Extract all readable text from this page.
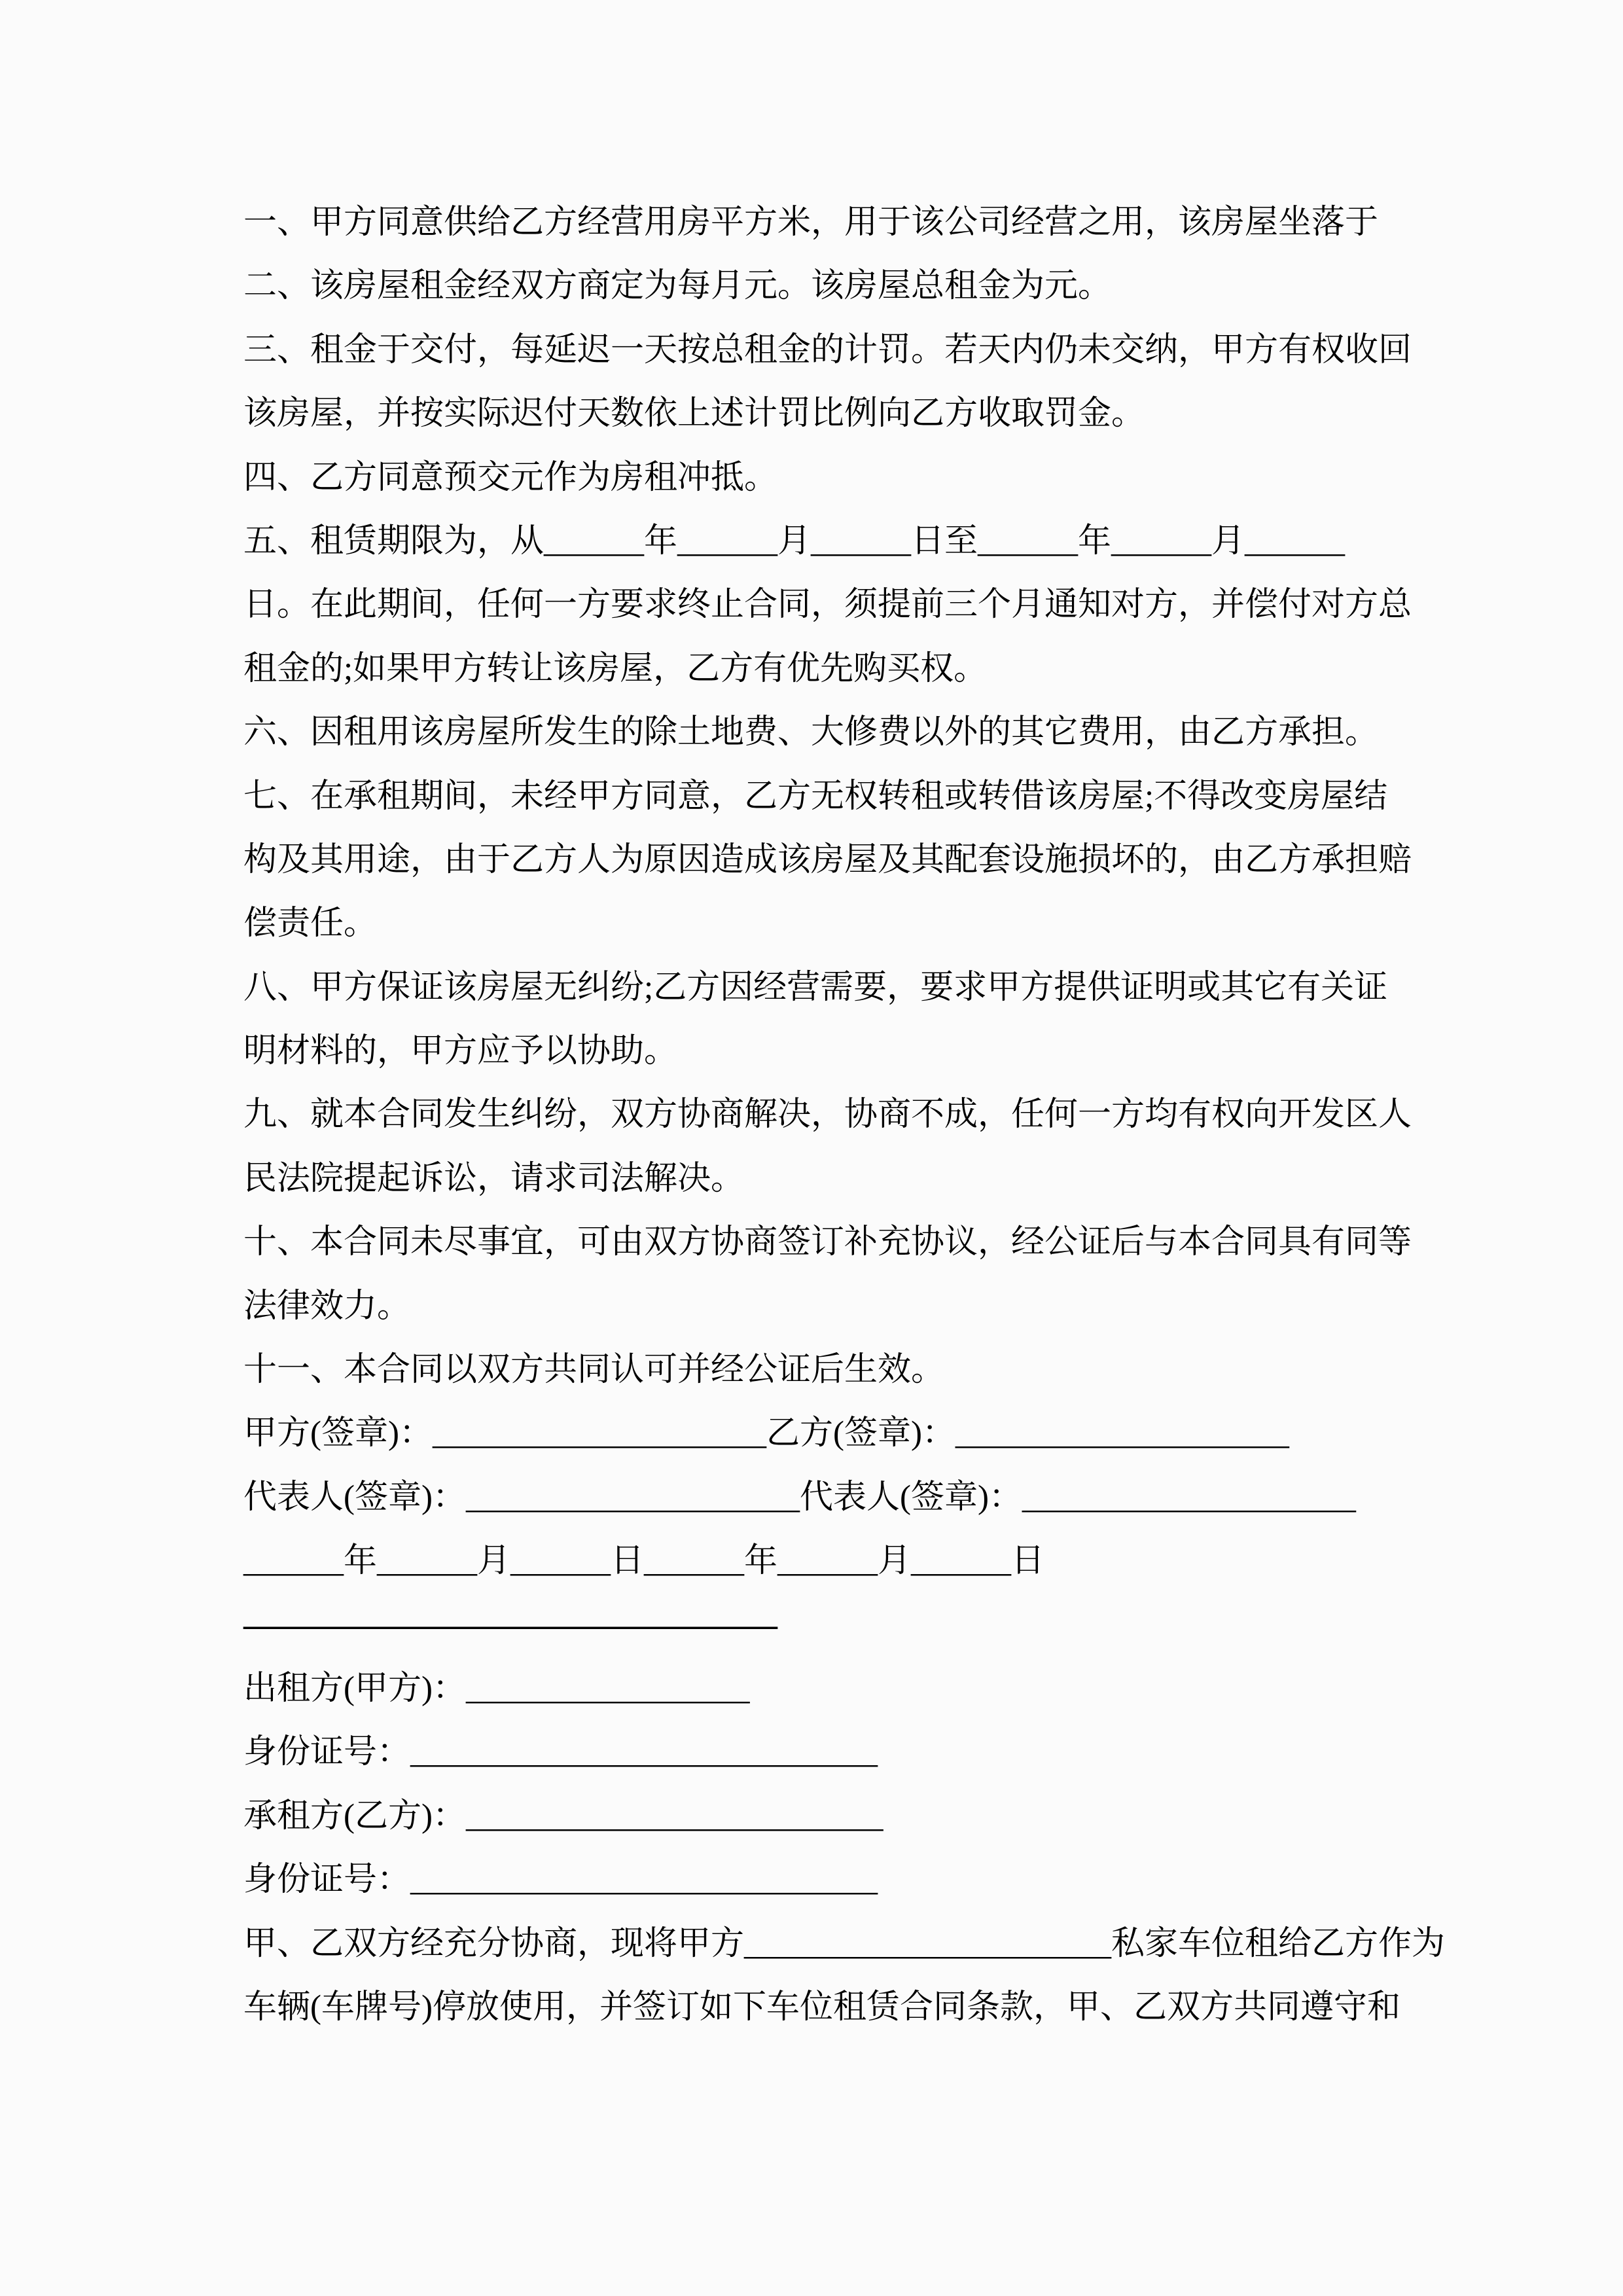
一、甲方同意供给乙方经营用房平方米，用于该公司经营之用，该房屋坐落于
二、该房屋租金经双方商定为每月元。该房屋总租金为元。
三、租金于交付，每延迟一天按总租金的计罚。若天内仍未交纳，甲方有权收回
该房屋，并按实际迟付天数依上述计罚比例向乙方收取罚金。
四、乙方同意预交元作为房租冲抵。
五、租赁期限为，从______年______月______日至______年______月______
日。在此期间，任何一方要求终止合同，须提前三个月通知对方，并偿付对方总
租金的;如果甲方转让该房屋，乙方有优先购买权。
六、因租用该房屋所发生的除土地费、大修费以外的其它费用，由乙方承担。
七、在承租期间，未经甲方同意，乙方无权转租或转借该房屋;不得改变房屋结
构及其用途，由于乙方人为原因造成该房屋及其配套设施损坏的，由乙方承担赔
偿责任。
八、甲方保证该房屋无纠纷;乙方因经营需要，要求甲方提供证明或其它有关证
明材料的，甲方应予以协助。
九、就本合同发生纠纷，双方协商解决，协商不成，任何一方均有权向开发区人
民法院提起诉讼，请求司法解决。
十、本合同未尽事宜，可由双方协商签订补充协议，经公证后与本合同具有同等
法律效力。
十一、本合同以双方共同认可并经公证后生效。
甲方(签章)：____________________乙方(签章)：____________________
代表人(签章)：____________________代表人(签章)：____________________
______年______月______日______年______月______日
————————————————
出租方(甲方)：_________________
身份证号：____________________________
承租方(乙方)：_________________________
身份证号：____________________________
甲、乙双方经充分协商，现将甲方______________________私家车位租给乙方作为
车辆(车牌号)停放使用，并签订如下车位租赁合同条款，甲、乙双方共同遵守和
